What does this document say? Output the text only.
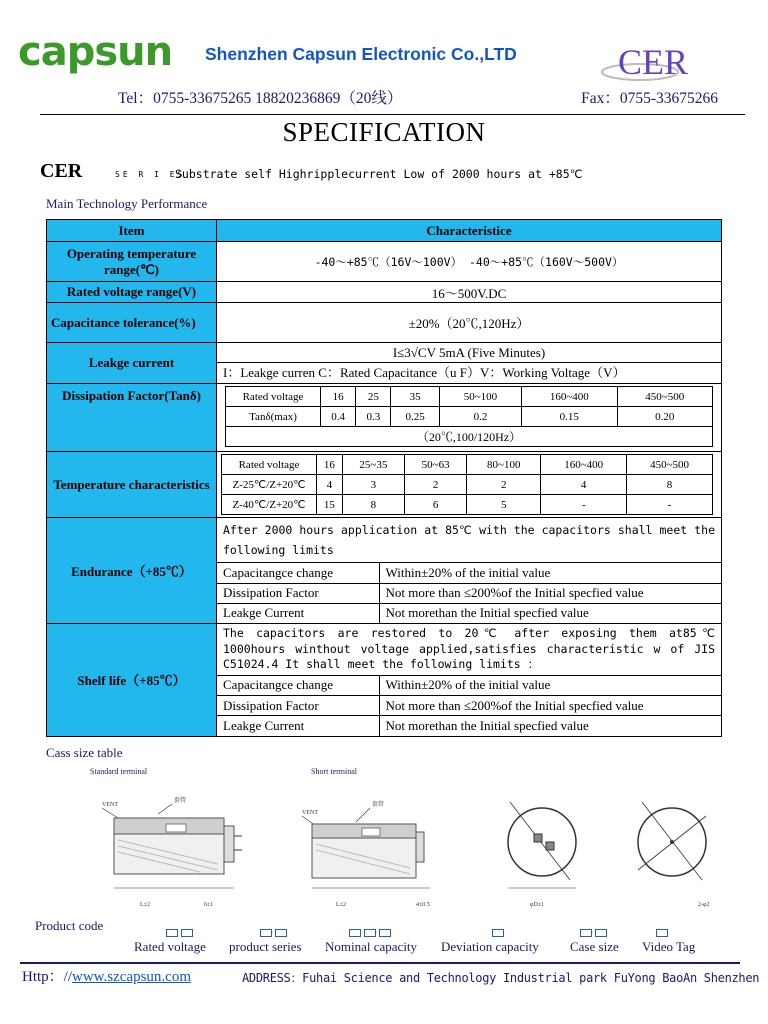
capsun Shenzhen Capsun Electronic Co.,LTD	CER
Tel：0755-33675265 18820236869（20线）	Fax：0755-33675266
SPECIFICATION
CER	SE R I ES
Substrate self Highripplecurrent Low of 2000 hours at +85℃
Main Technology Performance
Item	Characteristice
Operating temperature range(℃)	-40～+85℃（16V～100V） -40～+85℃（160V～500V）
Rated voltage range(V)	16～500V.DC
Capacitance tolerance(%)	±20%（20℃,120Hz）
Leakge current	
I≤3√CV 5mA (Five Minutes)
I：Leakge curren C：Rated Capacitance（u F）V：Working Voltage（V）

Dissipation Factor(Tanδ)		Rated voltage	16	25	35	50~100	160~400	450~500
Tanδ(max)	0.4	0.3	0.25	0.2	0.15	0.20
（20℃,100/120Hz）

Temperature characteristics	
Rated voltage	16	25~35	50~63	80~100	160~400	450~500
Z-25℃/Z+20℃	4	3	2	2	4	8
Z-40℃/Z+20℃	15	8	6	5	-	-

Endurance（+85℃）	
After 2000 hours application at 85℃ with the capacitors shall meet the following limits
Capacitangce change	Within±20% of the initial value
Dissipation Factor	Not more than ≤200%of the Initial specfied value
Leakge Current	Not morethan the Initial specfied value

Shelf life（+85℃）	
The capacitors are restored to 20℃ after exposing them at85℃ 1000hours winthout voltage applied,satisfies characteristic w of JIS C51024.4 It shall meet the following limits ：
Capacitangce change	Within±20% of the initial value
Dissipation Factor	Not more than ≤200%of the Initial specfied value
Leakge Current	Not morethan the Initial specfied value
Cass size table
Standard terminal	Short terminal
VENT
套管
L±2	6±1
VENT
套管
L±2	4±0.5	φD±1	2-φ2
Product code
Rated voltage product series Nominal capacity Deviation capacity Case size Video Tag
Http：//www.szcapsun.com	ADDRESS：Fuhai Science and Technology Industrial park FuYong BaoAn Shenzhen
